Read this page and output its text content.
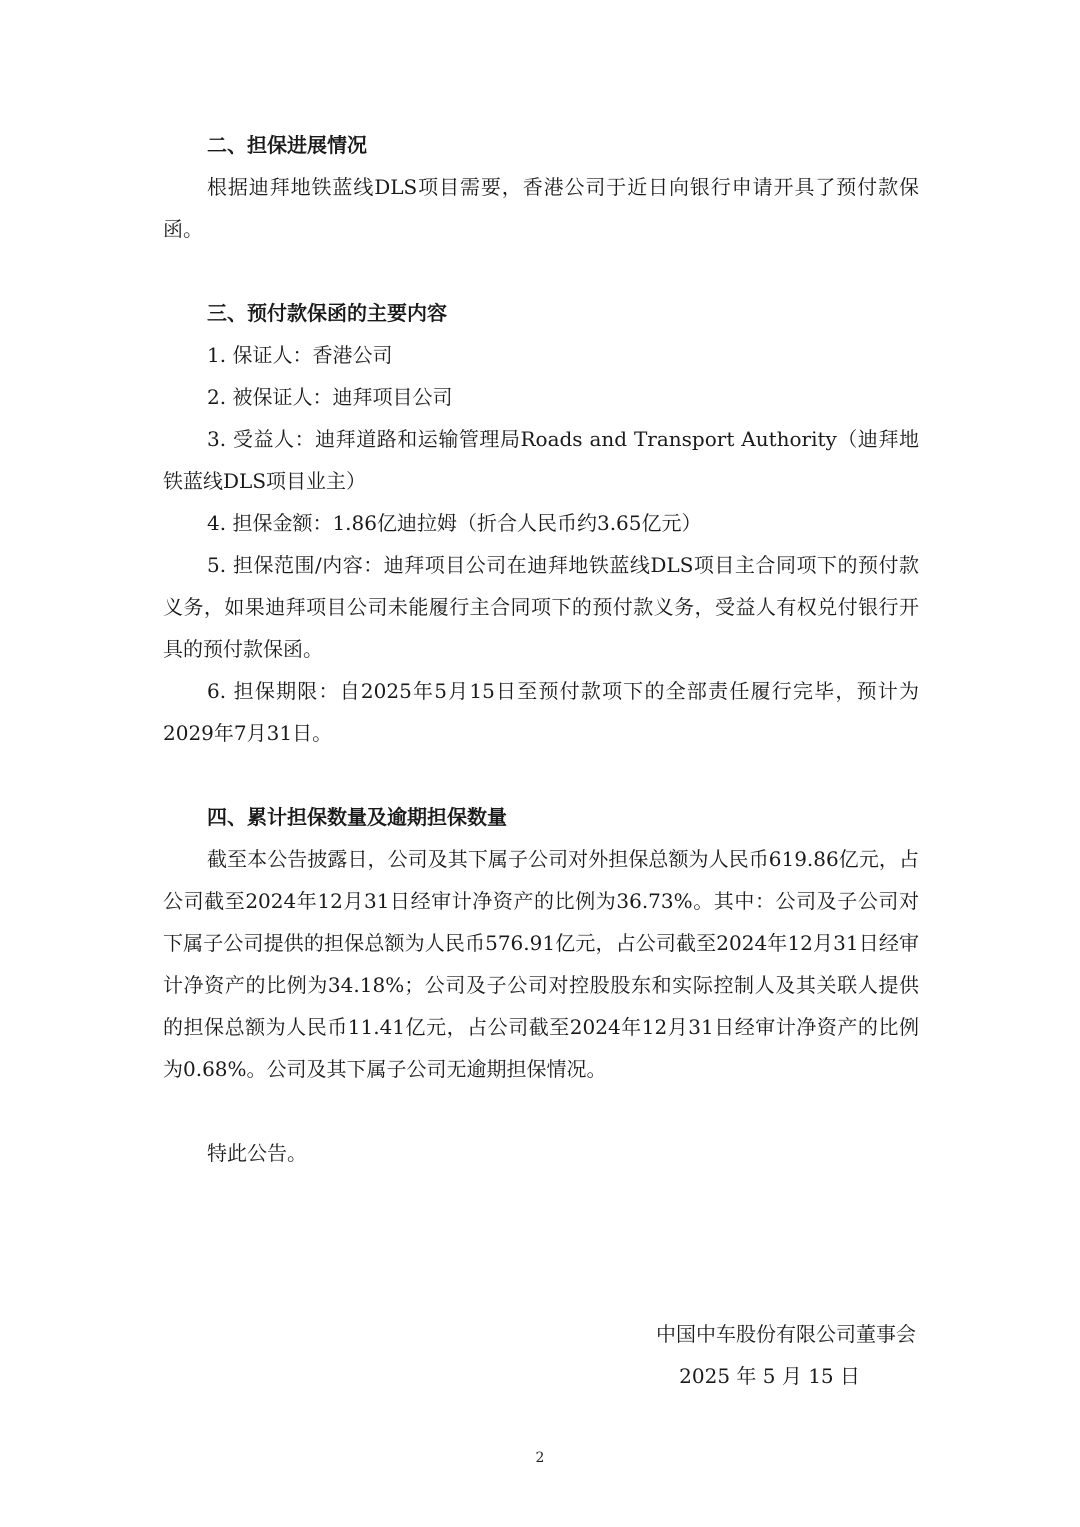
二、担保进展情况

根据迪拜地铁蓝线DLS项目需要，香港公司于近日向银行申请开具了预付款保函。

三、预付款保函的主要内容

1. 保证人：香港公司

2. 被保证人：迪拜项目公司

3. 受益人：迪拜道路和运输管理局Roads and Transport Authority（迪拜地铁蓝线DLS项目业主）

4. 担保金额：1.86亿迪拉姆（折合人民币约3.65亿元）

5. 担保范围/内容：迪拜项目公司在迪拜地铁蓝线DLS项目主合同项下的预付款义务，如果迪拜项目公司未能履行主合同项下的预付款义务，受益人有权兑付银行开具的预付款保函。

6. 担保期限：自2025年5月15日至预付款项下的全部责任履行完毕，预计为2029年7月31日。

四、累计担保数量及逾期担保数量

截至本公告披露日，公司及其下属子公司对外担保总额为人民币619.86亿元，占公司截至2024年12月31日经审计净资产的比例为36.73%。其中：公司及子公司对下属子公司提供的担保总额为人民币576.91亿元，占公司截至2024年12月31日经审计净资产的比例为34.18%；公司及子公司对控股股东和实际控制人及其关联人提供的担保总额为人民币11.41亿元，占公司截至2024年12月31日经审计净资产的比例为0.68%。公司及其下属子公司无逾期担保情况。

特此公告。

中国中车股份有限公司董事会
2025 年 5 月 15 日
2
